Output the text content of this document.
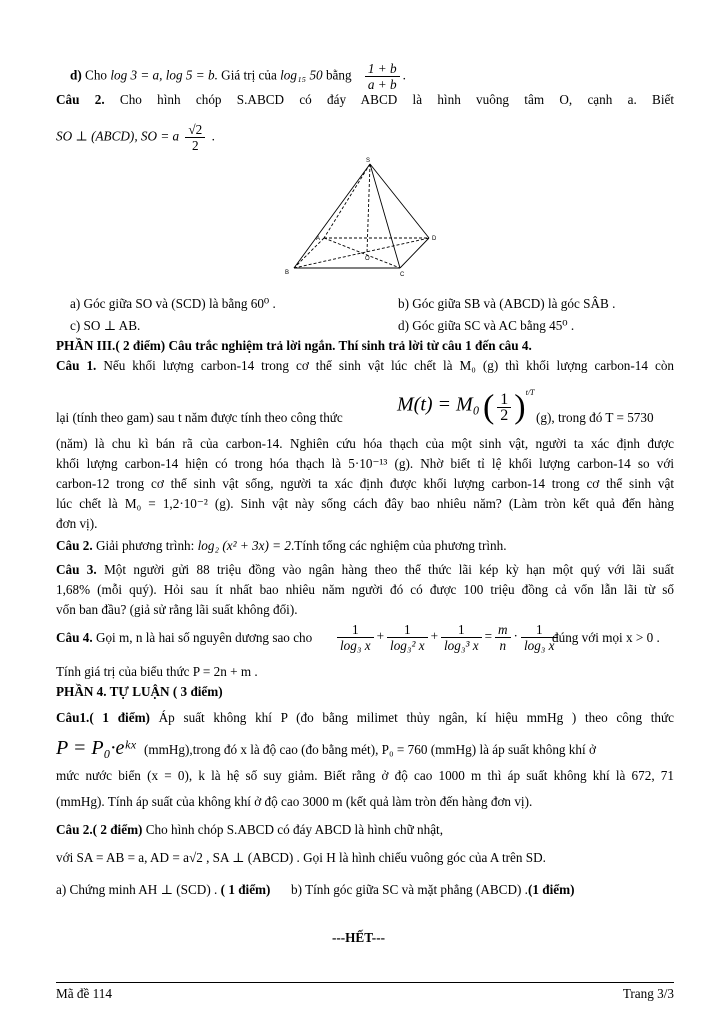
d) Cho log 3 = a, log 5 = b. Giá trị của log₁₅ 50 bằng $\frac{1 + b}{a + b}$ .
Câu 2. Cho hình chóp S.ABCD có đáy ABCD là hình vuông tâm O, cạnh a. Biết
SO ⊥ (ABCD), SO = a $\frac{√2}{2}$ .
S
A	D
O
B	C
a) Góc giữa SO và (SCD) là bằng 60⁰ .	b) Góc giữa SB và (ABCD) là góc SÂB .
c) SO ⊥ AB.	d) Góc giữa SC và AC bằng 45⁰ .
PHẦN III.( 2 điểm) Câu trắc nghiệm trả lời ngắn. Thí sinh trả lời từ câu 1 đến câu 4.
Câu 1. Nếu khối lượng carbon-14 trong cơ thể sinh vật lúc chết là M₀ (g) thì khối lượng carbon-14 còn
lại (tính theo gam) sau t năm được tính theo công thức
M(t) = M₀ ( $\frac{1}{2} )^{t/T}$
(g), trong đó T = 5730
(năm) là chu kì bán rã của carbon-14. Nghiên cứu hóa thạch của một sinh vật, người ta xác định được
khối lượng carbon-14 hiện có trong hóa thạch là 5·10⁻¹³ (g). Nhờ biết tỉ lệ khối lượng carbon-14 so với
carbon-12 trong cơ thể sinh vật sống, người ta xác định được khối lượng carbon-14 trong cơ thể sinh vật
lúc chết là M₀ = 1,2·10⁻² (g). Sinh vật này sống cách đây bao nhiêu năm? (Làm tròn kết quả đến hàng
đơn vị).
Câu 2. Giải phương trình: log₂ (x² + 3x) = 2.Tính tổng các nghiệm của phương trình.
Câu 3. Một người gửi 88 triệu đồng vào ngân hàng theo thể thức lãi kép kỳ hạn một quý với lãi suất
1,68% (mỗi quý). Hỏi sau ít nhất bao nhiêu năm người đó có được 100 triệu đồng cả vốn lẫn lãi từ số
vốn ban đầu? (giả sử rằng lãi suất không đổi).
Câu 4. Gọi m, n là hai số nguyên dương sao cho $\frac{1}{\text{log₃ x}} + \frac{1}{\text{log₃² x}} + \frac{1}{\text{log₃³ x}} = \frac{m}{n} \cdot \frac{1}{\text{log₃ x}}$
đúng với mọi x > 0 .
Tính giá trị của biểu thức P = 2n + m .
PHẦN 4. TỰ LUẬN ( 3 điểm)
Câu1.( 1 điểm) Áp suất không khí P (đo bằng milimet thủy ngân, kí hiệu mmHg ) theo công thức
P = P₀·eᵏˣ (mmHg),trong đó x là độ cao (đo bằng mét), P₀ = 760 (mmHg) là áp suất không khí ở
mức nước biển (x = 0), k là hệ số suy giảm. Biết rằng ở độ cao 1000 m thì áp suất không khí là 672, 71
(mmHg). Tính áp suất của không khí ở độ cao 3000 m (kết quả làm tròn đến hàng đơn vị).
Câu 2.( 2 điểm) Cho hình chóp S.ABCD có đáy ABCD là hình chữ nhật,
với SA = AB = a, AD = a√2 , SA ⊥ (ABCD) . Gọi H là hình chiếu vuông góc của A trên SD.
a) Chứng minh AH ⊥ (SCD) . ( 1 điểm) b) Tính góc giữa SC và mặt phẳng (ABCD) .(1 điểm)
---HẾT---
Mã đề 114	Trang 3/3
